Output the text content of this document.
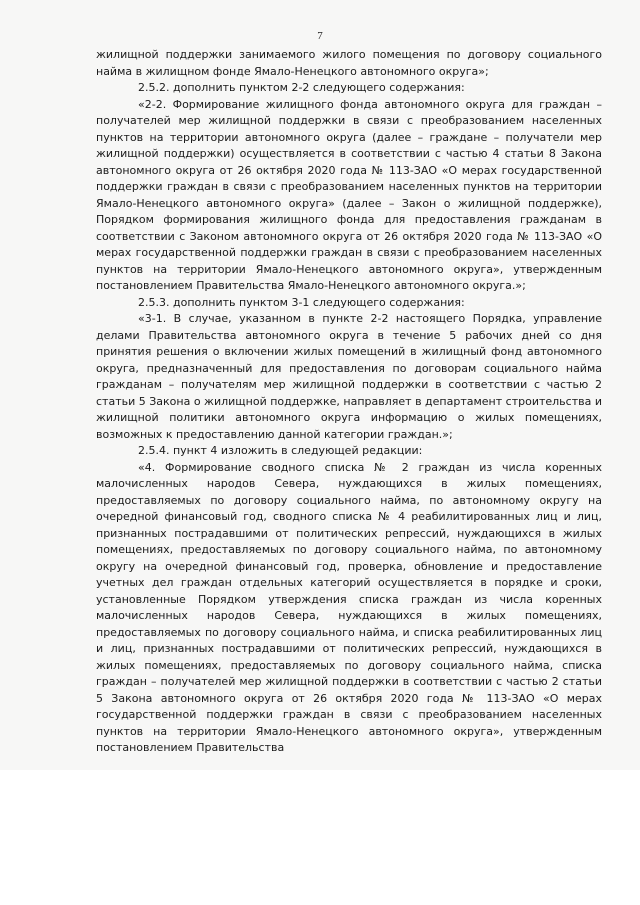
7

жилищной поддержки занимаемого жилого помещения по договору социального найма в жилищном фонде Ямало-Ненецкого автономного округа»;

2.5.2. дополнить пунктом 2-2 следующего содержания:

«2-2. Формирование жилищного фонда автономного округа для граждан – получателей мер жилищной поддержки в связи с преобразованием населенных пунктов на территории автономного округа (далее – граждане – получатели мер жилищной поддержки) осуществляется в соответствии с частью 4 статьи 8 Закона автономного округа от 26 октября 2020 года № 113-ЗАО «О мерах государственной поддержки граждан в связи с преобразованием населенных пунктов на территории Ямало-Ненецкого автономного округа» (далее – Закон о жилищной поддержке), Порядком формирования жилищного фонда для предоставления гражданам в соответствии с Законом автономного округа от 26 октября 2020 года № 113-ЗАО «О мерах государственной поддержки граждан в связи с преобразованием населенных пунктов на территории Ямало-Ненецкого автономного округа», утвержденным постановлением Правительства Ямало-Ненецкого автономного округа.»;

2.5.3. дополнить пунктом 3-1 следующего содержания:

«3-1. В случае, указанном в пункте 2-2 настоящего Порядка, управление делами Правительства автономного округа в течение 5 рабочих дней со дня принятия решения о включении жилых помещений в жилищный фонд автономного округа, предназначенный для предоставления по договорам социального найма гражданам – получателям мер жилищной поддержки в соответствии с частью 2 статьи 5 Закона о жилищной поддержке, направляет в департамент строительства и жилищной политики автономного округа информацию о жилых помещениях, возможных к предоставлению данной категории граждан.»;

2.5.4. пункт 4 изложить в следующей редакции:

«4. Формирование сводного списка № 2 граждан из числа коренных малочисленных народов Севера, нуждающихся в жилых помещениях, предоставляемых по договору социального найма, по автономному округу на очередной финансовый год, сводного списка № 4 реабилитированных лиц и лиц, признанных пострадавшими от политических репрессий, нуждающихся в жилых помещениях, предоставляемых по договору социального найма, по автономному округу на очередной финансовый год, проверка, обновление и предоставление учетных дел граждан отдельных категорий осуществляется в порядке и сроки, установленные Порядком утверждения списка граждан из числа коренных малочисленных народов Севера, нуждающихся в жилых помещениях, предоставляемых по договору социального найма, и списка реабилитированных лиц и лиц, признанных пострадавшими от политических репрессий, нуждающихся в жилых помещениях, предоставляемых по договору социального найма, списка граждан – получателей мер жилищной поддержки в соответствии с частью 2 статьи 5 Закона автономного округа от 26 октября 2020 года № 113-ЗАО «О мерах государственной поддержки граждан в связи с преобразованием населенных пунктов на территории Ямало-Ненецкого автономного округа», утвержденным постановлением Правительства
